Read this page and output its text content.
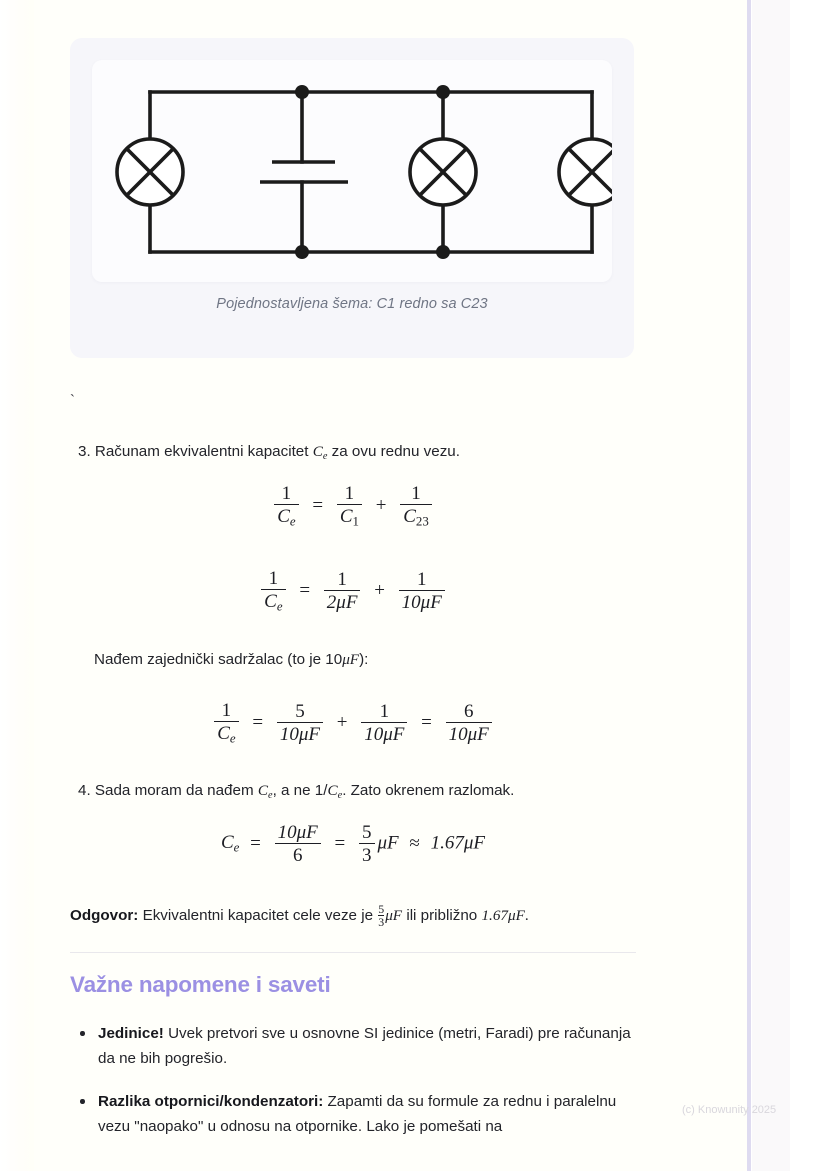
Pojednostavljena šema: C1 redno sa C23
`
3. Računam ekvivalentni kapacitet $C_e$ za ovu rednu vezu.
$\frac{1}{C_e} = \frac{1}{C_1} + \frac{1}{C_{23}}$
$\frac{1}{C_e} = \frac{1}{2\mu F} + \frac{1}{10\mu F}$
Nađem zajednički sadržalac (to je 10μF):
$\frac{1}{C_e} = \frac{5}{10\mu F} + \frac{1}{10\mu F} = \frac{6}{10\mu F}$
4. Sada moram da nađem $C_e$, a ne $1/C_e$. Zato okrenem razlomak.
$C_e = \frac{10\mu F}{6} = \frac{5}{3}$ μF ≈ 1.67μF
Odgovor: Ekvivalentni kapacitet cele veze je $\frac{5}{3}$ μF ili približno 1.67μF.
Važne napomene i saveti
Jedinice! Uvek pretvori sve u osnovne SI jedinice (metri, Faradi) pre računanja da ne bih pogrešio.
Razlika otpornici/kondenzatori: Zapamti da su formule za rednu i paralelnu vezu "naopako" u odnosu na otpornike. Lako je pomešati na
(c) Knowunity 2025
